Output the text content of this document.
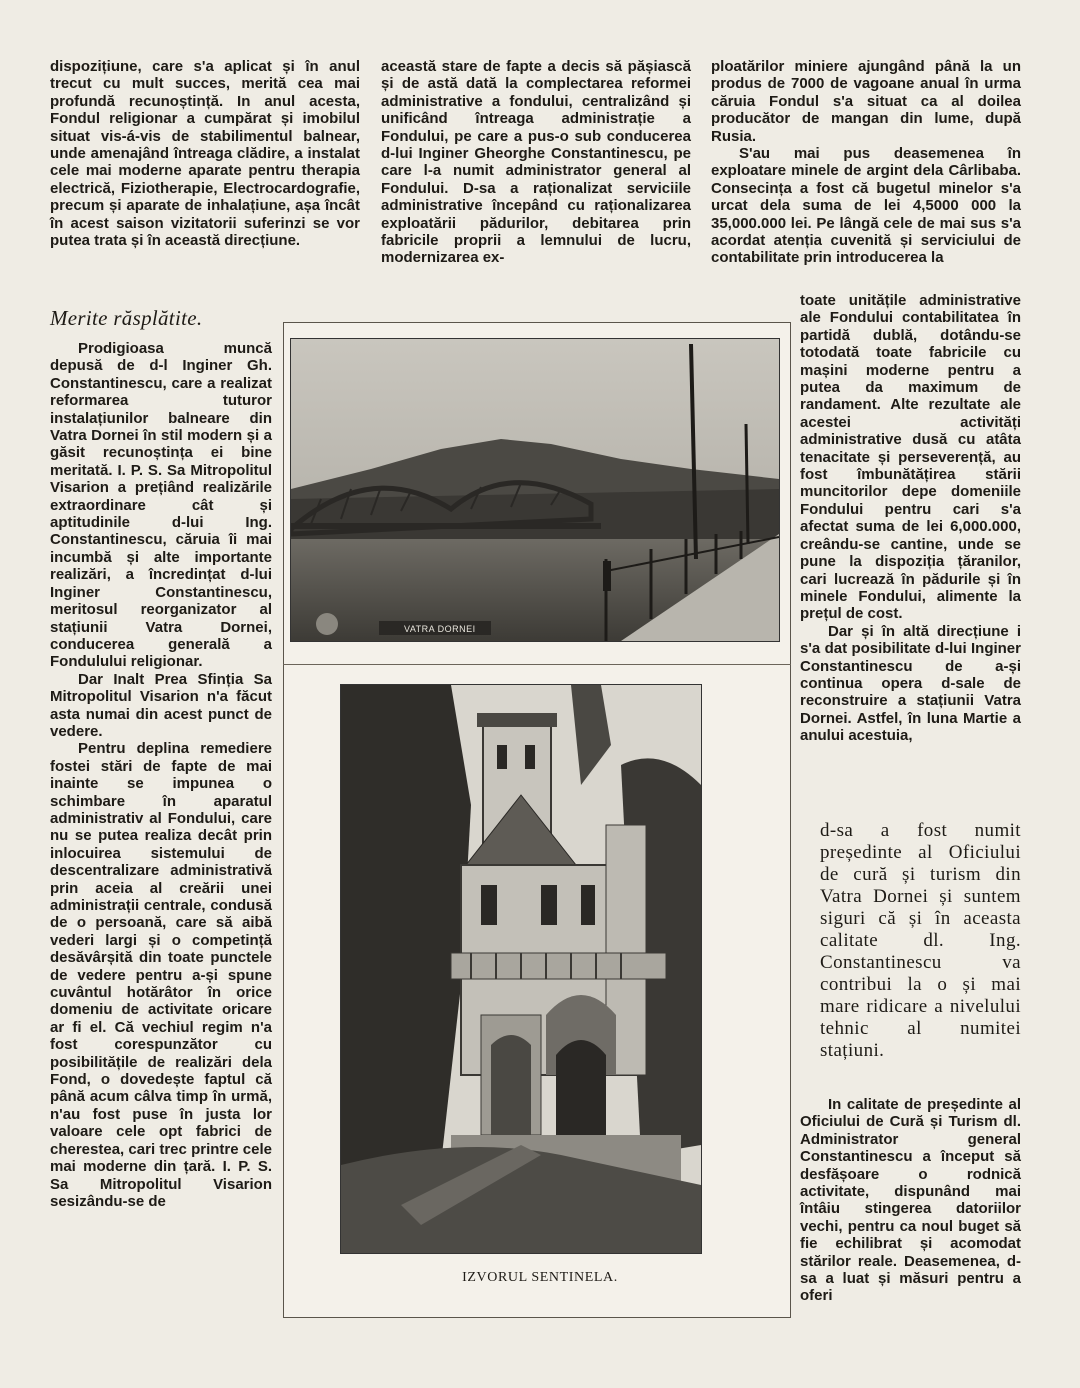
dispozițiune, care s'a aplicat și în anul trecut cu mult succes, merită cea mai profundă recunoștință. In anul acesta, Fondul religionar a cumpărat și imobilul situat vis-á-vis de stabilimentul balnear, unde amenajând întreaga clădire, a instalat cele mai moderne aparate pentru therapia electrică, Fiziotherapie, Electrocardografie, precum și aparate de inhalațiune, așa încât în acest saison vizitatorii suferinzi se vor putea trata și în această direcțiune.

Merite răsplătite.

Prodigioasa muncă depusă de d-l Inginer Gh. Constantinescu, care a realizat reformarea tuturor instalațiunilor balneare din Vatra Dornei în stil modern și a găsit recunoștința ei bine meritată. I. P. S. Sa Mitropolitul Visarion a prețiând realizările extraordinare cât și aptitudinile d-lui Ing. Constantinescu, căruia îi mai incumbă și alte importante realizări, a încredințat d-lui Inginer Constantinescu, meritosul reorganizator al stațiunii Vatra Dornei, conducerea generală a Fondulului religionar.

Dar Inalt Prea Sfinția Sa Mitropolitul Visarion n'a făcut asta numai din acest punct de vedere.

Pentru deplina remediere fostei stări de fapte de mai inainte se impunea o schimbare în aparatul administrativ al Fondului, care nu se putea realiza decât prin inlocuirea sistemului de descentralizare administrativă prin aceia al creării unei administrații centrale, condusă de o persoană, care să aibă vederi largi și o competință desăvârșită din toate punctele de vedere pentru a-și spune cuvântul hotărâtor în orice domeniu de activitate oricare ar fi el. Că vechiul regim n'a fost corespunzător cu posibilitățile de realizări dela Fond, o dovedește faptul că până acum câlva timp în urmă, n'au fost puse în justa lor valoare cele opt fabrici de cherestea, cari trec printre cele mai moderne din țară. I. P. S. Sa Mitropolitul Visarion sesizându-se de

această stare de fapte a decis să pășiască și de astă dată la complectarea reformei administrative a fondului, centralizând și unificând întreaga administrație a Fondului, pe care a pus-o sub conducerea d-lui Inginer Gheorghe Constantinescu, pe care l-a numit administrator general al Fondului. D-sa a raționalizat serviciile administrative începând cu raționalizarea exploatării pădurilor, debitarea prin fabricile proprii a lemnului de lucru, modernizarea ex-

ploatărilor miniere ajungând până la un produs de 7000 de vagoane anual în urma căruia Fondul s'a situat ca al doilea producător de mangan din lume, după Rusia.

S'au mai pus deasemenea în exploatare minele de argint dela Cârlibaba. Consecința a fost că bugetul minelor s'a urcat dela suma de lei 4,5000 000 la 35,000.000 lei. Pe lângă cele de mai sus s'a acordat atenția cuvenită și serviciului de contabilitate prin introducerea la

toate unitățile administrative ale Fondului contabilitatea în partidă dublă, dotându-se totodată toate fabricile cu mașini moderne pentru a putea da maximum de randament. Alte rezultate ale acestei activități administrative dusă cu atâta tenacitate și perseverență, au fost îmbunătățirea stării muncitorilor depe domeniile Fondului pentru cari s'a afectat suma de lei 6,000.000, creându-se cantine, unde se pune la dispoziția țăranilor, cari lucrează în pădurile și în minele Fondului, alimente la prețul de cost.

Dar și în altă direcțiune i s'a dat posibilitate d-lui Inginer Constantinescu de a-și continua opera d-sale de reconstruire a stațiunii Vatra Dornei. Astfel, în luna Martie a anului acestuia,

d-sa a fost numit președinte al Oficiului de cură și turism din Vatra Dornei și suntem siguri că și în aceasta calitate dl. Ing. Constantinescu va contribui la o și mai mare ridicare a nivelului tehnic al numitei stațiuni.

In calitate de președinte al Oficiului de Cură și Turism dl. Administrator general Constantinescu a început să desfășoare o rodnică activitate, dispunând mai întâiu stingerea datoriilor vechi, pentru ca noul buget să fie echilibrat și acomodat stărilor reale. Deasemenea, d-sa a luat și măsuri pentru a oferi

VATRA DORNEI
IZVORUL SENTINELA.
